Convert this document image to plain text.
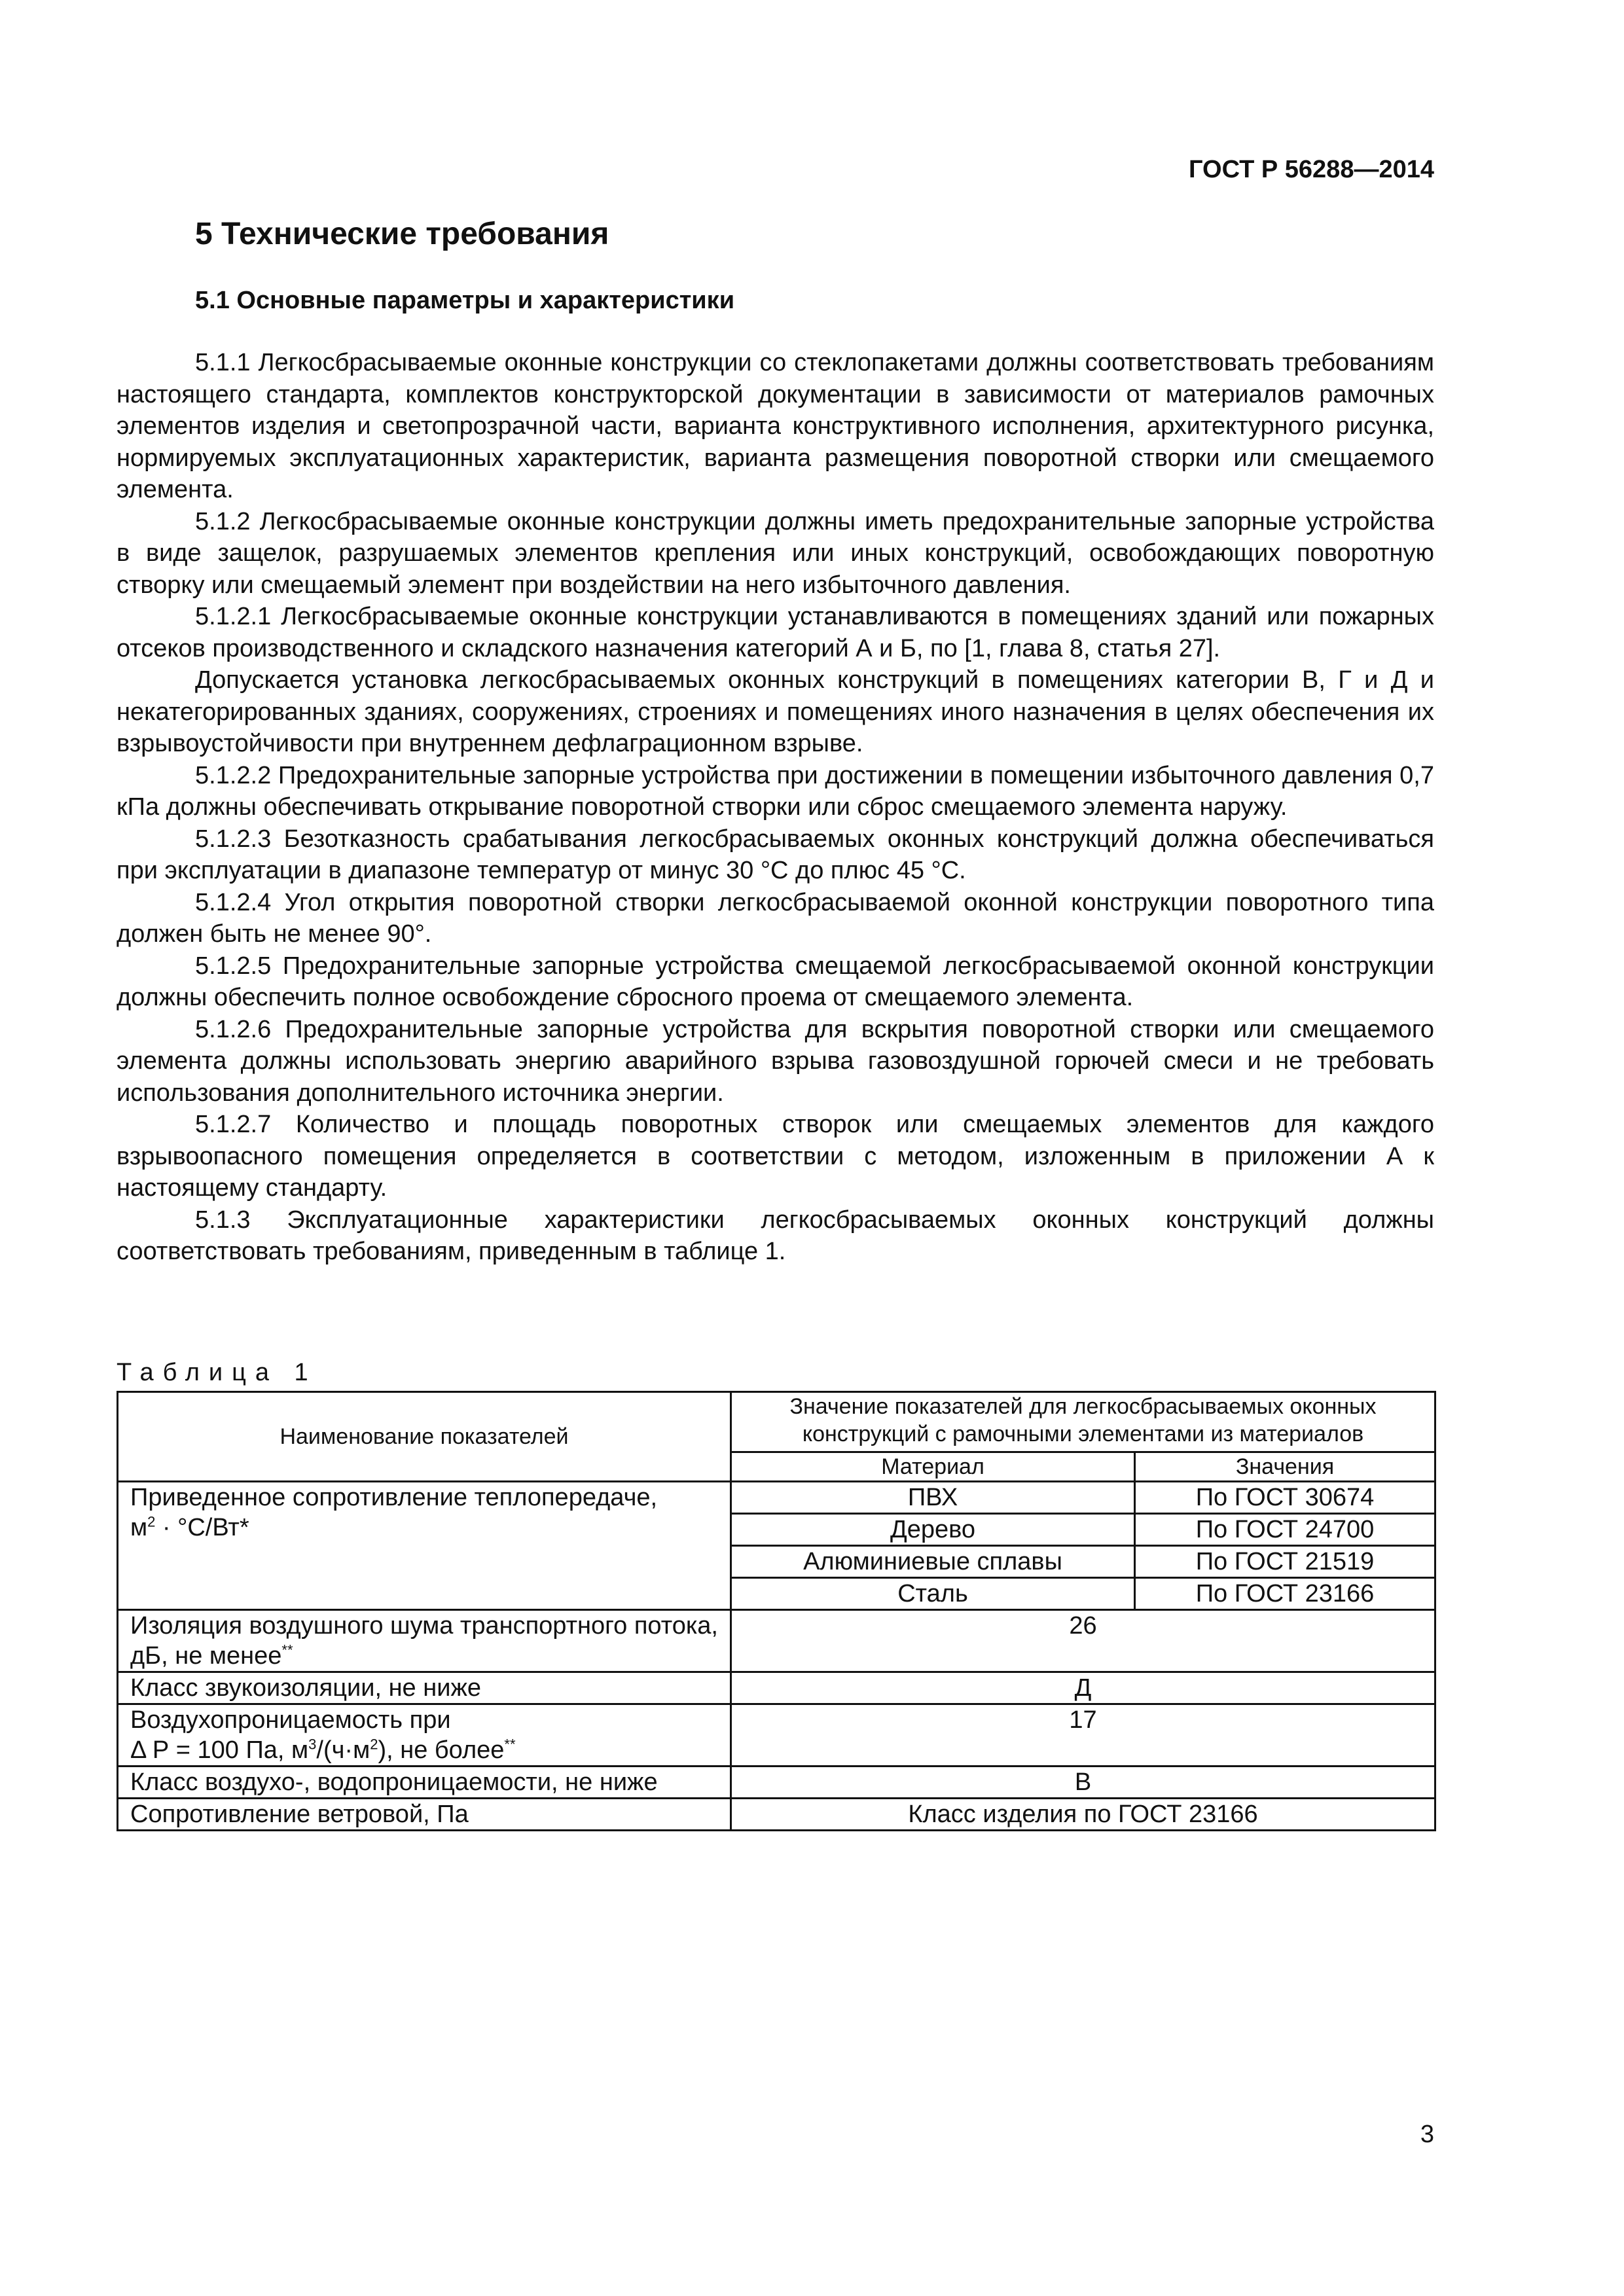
ГОСТ Р 56288—2014
5 Технические требования
5.1 Основные параметры и характеристики

5.1.1 Легкосбрасываемые оконные конструкции со стеклопакетами должны соответствовать требованиям настоящего стандарта, комплектов конструкторской документации в зависимости от материалов рамочных элементов изделия и светопрозрачной части, варианта конструктивного исполнения, архитектурного рисунка, нормируемых эксплуатационных характеристик, варианта размещения поворотной створки или смещаемого элемента.

5.1.2 Легкосбрасываемые оконные конструкции должны иметь предохранительные запорные устройства в виде защелок, разрушаемых элементов крепления или иных конструкций, освобождающих поворотную створку или смещаемый элемент при воздействии на него избыточного давления.

5.1.2.1 Легкосбрасываемые оконные конструкции устанавливаются в помещениях зданий или пожарных отсеков производственного и складского назначения категорий А и Б, по [1, глава 8, статья 27].

Допускается установка легкосбрасываемых оконных конструкций в помещениях категории В, Г и Д и некатегорированных зданиях, сооружениях, строениях и помещениях иного назначения в целях обеспечения их взрывоустойчивости при внутреннем дефлаграционном взрыве.

5.1.2.2 Предохранительные запорные устройства при достижении в помещении избыточного давления 0,7 кПа должны обеспечивать открывание поворотной створки или сброс смещаемого элемента наружу.

5.1.2.3 Безотказность срабатывания легкосбрасываемых оконных конструкций должна обеспечиваться при эксплуатации в диапазоне температур от минус 30 °С до плюс 45 °С.

5.1.2.4 Угол открытия поворотной створки легкосбрасываемой оконной конструкции поворотного типа должен быть не менее 90°.

5.1.2.5 Предохранительные запорные устройства смещаемой легкосбрасываемой оконной конструкции должны обеспечить полное освобождение сбросного проема от смещаемого элемента.

5.1.2.6 Предохранительные запорные устройства для вскрытия поворотной створки или смещаемого элемента должны использовать энергию аварийного взрыва газовоздушной горючей смеси и не требовать использования дополнительного источника энергии.

5.1.2.7 Количество и площадь поворотных створок или смещаемых элементов для каждого взрывоопасного помещения определяется в соответствии с методом, изложенным в приложении А к настоящему стандарту.

5.1.3 Эксплуатационные характеристики легкосбрасываемых оконных конструкций должны соответствовать требованиям, приведенным в таблице 1.

Таблица 1
Наименование показателей	Значение показателей для легкосбрасываемых оконных конструкций с рамочными элементами из материалов	
	Материал	Значения
Приведенное сопротивление теплопередаче,
$м^2 \cdot ^\circ С/Вт*$	ПВХ	По ГОСТ 30674
	Дерево	По ГОСТ 24700
	Алюминиевые сплавы	По ГОСТ 21519
	Сталь	По ГОСТ 23166
Изоляция воздушного шума транспортного потока, дБ, не менее**	26	
Класс звукоизоляции, не ниже	Д	
Воздухопроницаемость при
Δ Р = 100 Па, $м^3/(ч\cdot м^2)$, не более**	17	
Класс воздухо-, водопроницаемости, не ниже	В	
Сопротивление ветровой, Па	Класс изделия по ГОСТ 23166	
3
